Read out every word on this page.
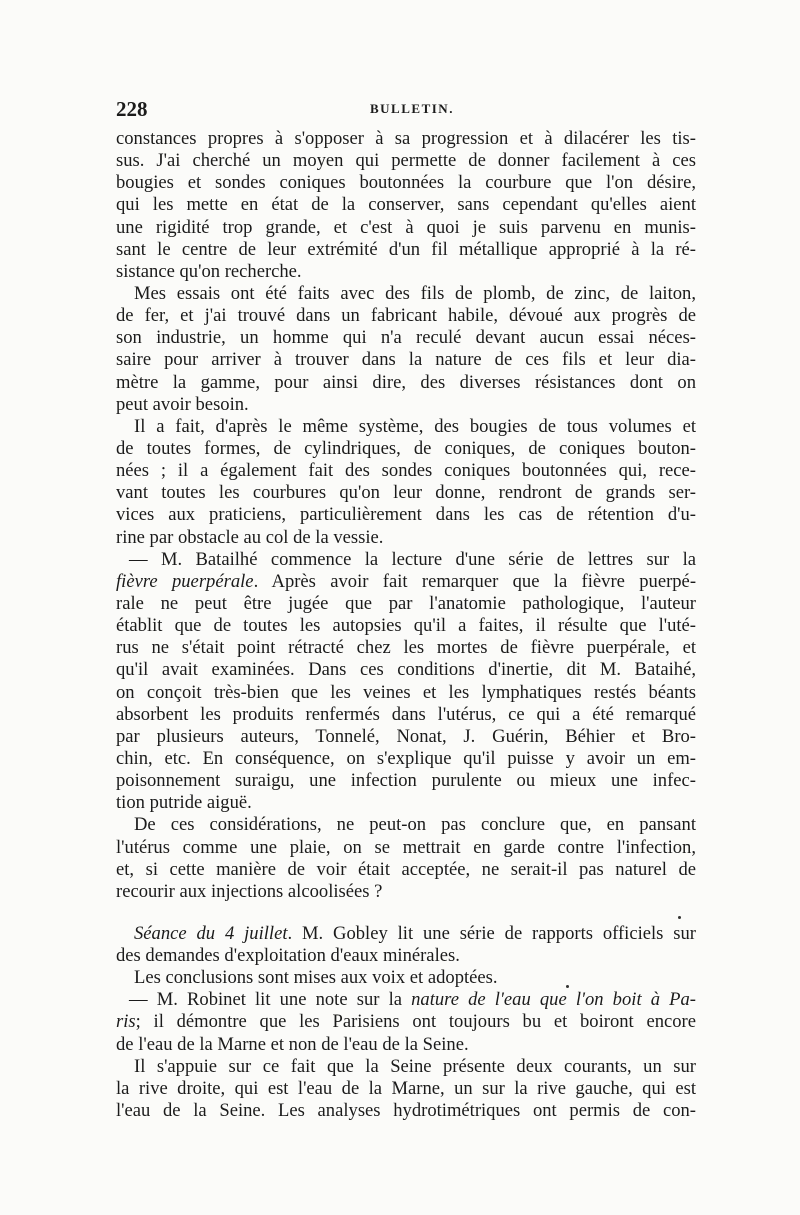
228	BULLETIN.
constances propres à s'opposer à sa progression et à dilacérer les tis-
sus. J'ai cherché un moyen qui permette de donner facilement à ces
bougies et sondes coniques boutonnées la courbure que l'on désire,
qui les mette en état de la conserver, sans cependant qu'elles aient
une rigidité trop grande, et c'est à quoi je suis parvenu en munis-
sant le centre de leur extrémité d'un fil métallique approprié à la ré-
sistance qu'on recherche.
Mes essais ont été faits avec des fils de plomb, de zinc, de laiton,
de fer, et j'ai trouvé dans un fabricant habile, dévoué aux progrès de
son industrie, un homme qui n'a reculé devant aucun essai néces-
saire pour arriver à trouver dans la nature de ces fils et leur dia-
mètre la gamme, pour ainsi dire, des diverses résistances dont on
peut avoir besoin.
Il a fait, d'après le même système, des bougies de tous volumes et
de toutes formes, de cylindriques, de coniques, de coniques bouton-
nées ; il a également fait des sondes coniques boutonnées qui, rece-
vant toutes les courbures qu'on leur donne, rendront de grands ser-
vices aux praticiens, particulièrement dans les cas de rétention d'u-
rine par obstacle au col de la vessie.
— M. Batailhé commence la lecture d'une série de lettres sur la
fièvre puerpérale. Après avoir fait remarquer que la fièvre puerpé-
rale ne peut être jugée que par l'anatomie pathologique, l'auteur
établit que de toutes les autopsies qu'il a faites, il résulte que l'uté-
rus ne s'était point rétracté chez les mortes de fièvre puerpérale, et
qu'il avait examinées. Dans ces conditions d'inertie, dit M. Bataihé,
on conçoit très-bien que les veines et les lymphatiques restés béants
absorbent les produits renfermés dans l'utérus, ce qui a été remarqué
par plusieurs auteurs, Tonnelé, Nonat, J. Guérin, Béhier et Bro-
chin, etc. En conséquence, on s'explique qu'il puisse y avoir un em-
poisonnement suraigu, une infection purulente ou mieux une infec-
tion putride aiguë.
De ces considérations, ne peut-on pas conclure que, en pansant
l'utérus comme une plaie, on se mettrait en garde contre l'infection,
et, si cette manière de voir était acceptée, ne serait-il pas naturel de
recourir aux injections alcoolisées ?
Séance du 4 juillet. M. Gobley lit une série de rapports officiels sur
des demandes d'exploitation d'eaux minérales.
Les conclusions sont mises aux voix et adoptées.
— M. Robinet lit une note sur la nature de l'eau que l'on boit à Pa-
ris; il démontre que les Parisiens ont toujours bu et boiront encore
de l'eau de la Marne et non de l'eau de la Seine.
Il s'appuie sur ce fait que la Seine présente deux courants, un sur
la rive droite, qui est l'eau de la Marne, un sur la rive gauche, qui est
l'eau de la Seine. Les analyses hydrotimétriques ont permis de con-
